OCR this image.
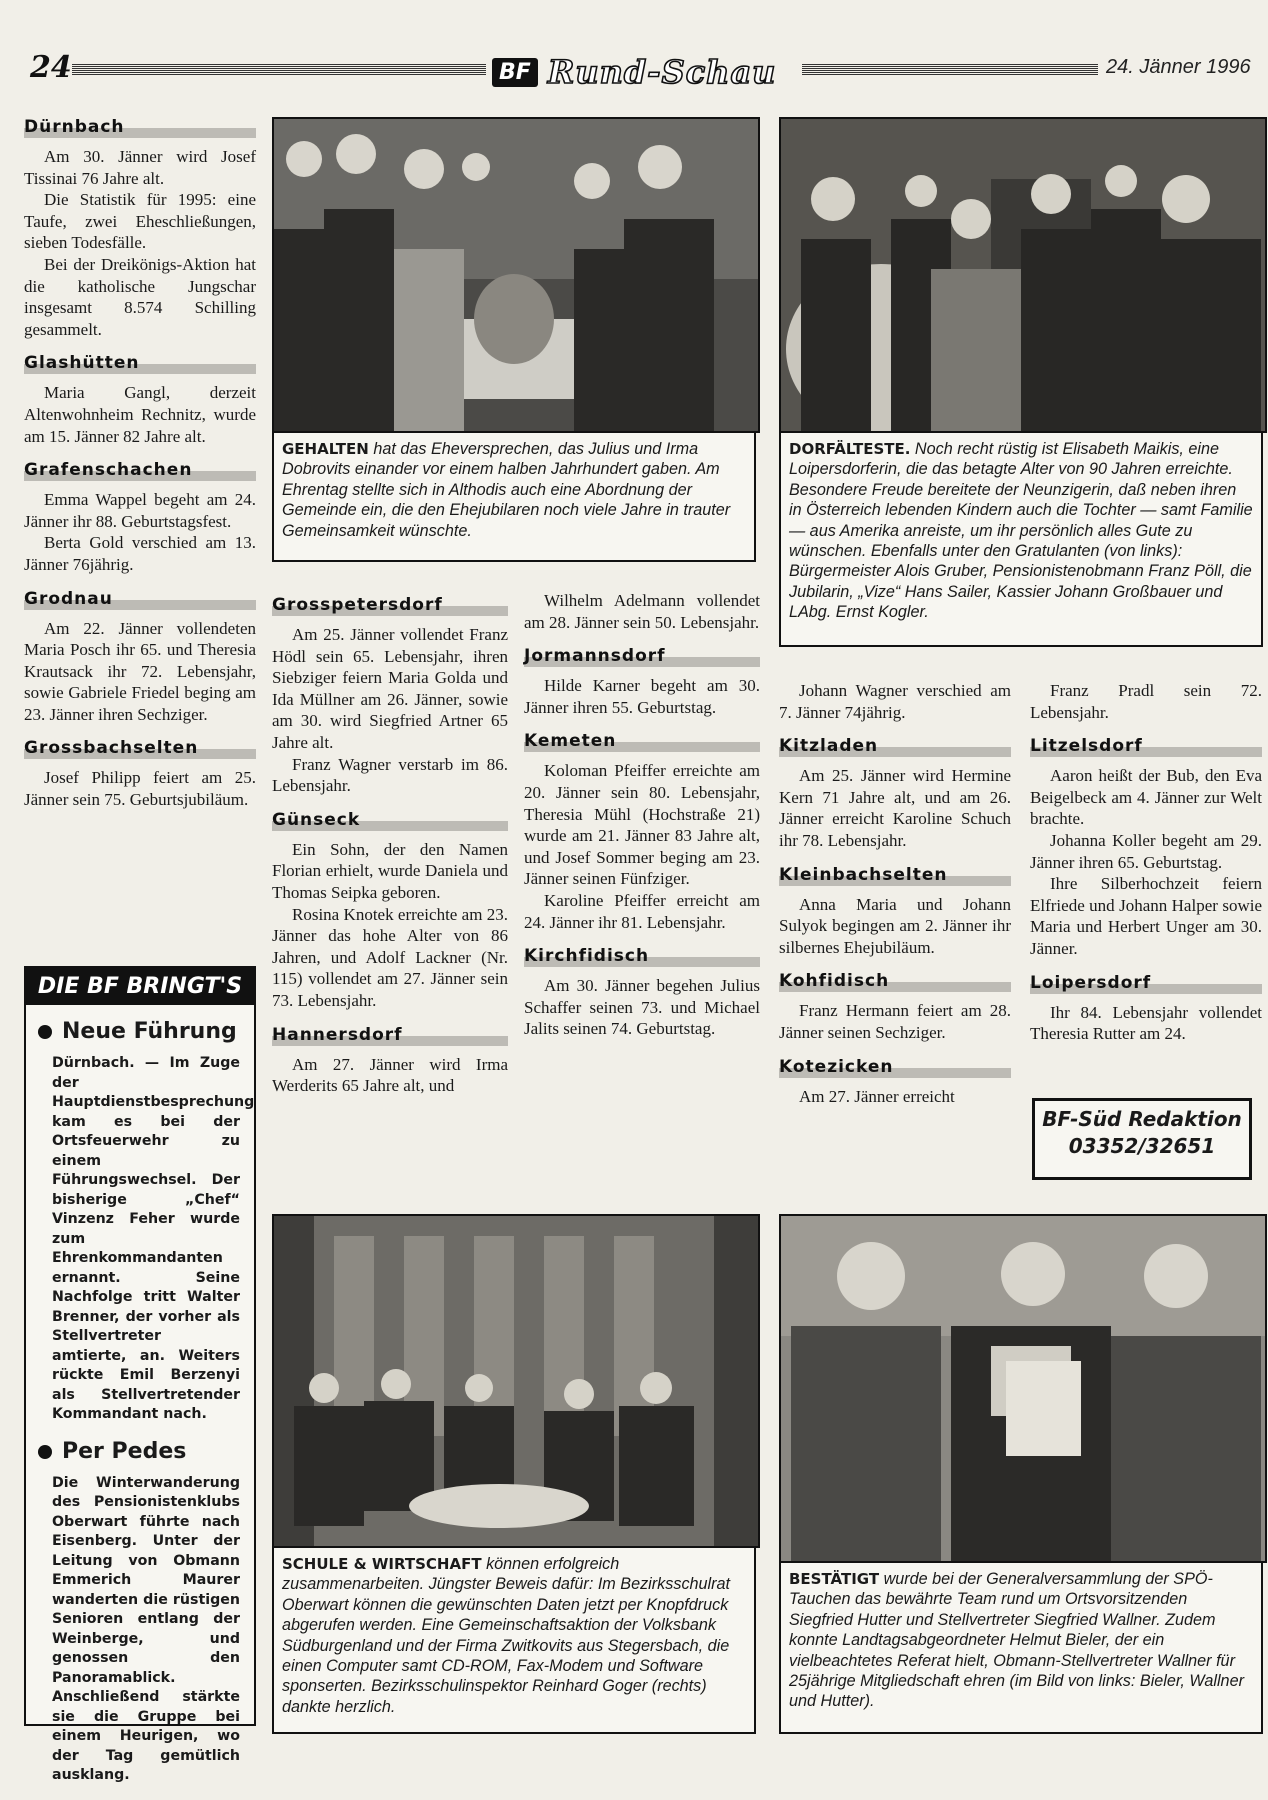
24	BF Rund-Schau	24. Jänner 1996
Dürnbach

Am 30. Jänner wird Josef Tissinai 76 Jahre alt.

Die Statistik für 1995: eine Taufe, zwei Eheschließungen, sieben Todesfälle.

Bei der Dreikönigs-Aktion hat die katholische Jungschar insgesamt 8.574 Schilling gesammelt.

Glashütten

Maria Gangl, derzeit Altenwohnheim Rechnitz, wurde am 15. Jänner 82 Jahre alt.

Grafenschachen

Emma Wappel begeht am 24. Jänner ihr 88. Geburtstagsfest.

Berta Gold verschied am 13. Jänner 76jährig.

Grodnau

Am 22. Jänner vollendeten Maria Posch ihr 65. und Theresia Krautsack ihr 72. Lebensjahr, sowie Gabriele Friedel beging am 23. Jänner ihren Sechziger.

Grossbachselten

Josef Philipp feiert am 25. Jänner sein 75. Geburtsjubiläum.

DIE BF BRINGT'S
Neue Führung
Dürnbach. — Im Zuge der Hauptdienstbesprechung kam es bei der Ortsfeuerwehr zu einem Führungswechsel. Der bisherige „Chef“ Vinzenz Feher wurde zum Ehrenkommandanten ernannt. Seine Nachfolge tritt Walter Brenner, der vorher als Stellvertreter amtierte, an. Weiters rückte Emil Berzenyi als Stellvertretender Kommandant nach.
Per Pedes
Die Winterwanderung des Pensionistenklubs Oberwart führte nach Eisenberg. Unter der Leitung von Obmann Emmerich Maurer wanderten die rüstigen Senioren entlang der Weinberge, und genossen den Panoramablick. Anschließend stärkte sie die Gruppe bei einem Heurigen, wo der Tag gemütlich ausklang.
GEHALTEN hat das Eheversprechen, das Julius und Irma Dobrovits einander vor einem halben Jahrhundert gaben. Am Ehrentag stellte sich in Althodis auch eine Abordnung der Gemeinde ein, die den Ehejubilaren noch viele Jahre in trauter Gemeinsamkeit wünschte.
DORFÄLTESTE. Noch recht rüstig ist Elisabeth Maikis, eine Loipersdorferin, die das betagte Alter von 90 Jahren erreichte. Besondere Freude bereitete der Neunzigerin, daß neben ihren in Österreich lebenden Kindern auch die Tochter — samt Familie — aus Amerika anreiste, um ihr persönlich alles Gute zu wünschen. Ebenfalls unter den Gratulanten (von links): Bürgermeister Alois Gruber, Pensionistenobmann Franz Pöll, die Jubilarin, „Vize“ Hans Sailer, Kassier Johann Großbauer und LAbg. Ernst Kogler.
Grosspetersdorf

Am 25. Jänner vollendet Franz Hödl sein 65. Lebensjahr, ihren Siebziger feiern Maria Golda und Ida Müllner am 26. Jänner, sowie am 30. wird Siegfried Artner 65 Jahre alt.

Franz Wagner verstarb im 86. Lebensjahr.

Günseck

Ein Sohn, der den Namen Florian erhielt, wurde Daniela und Thomas Seipka geboren.

Rosina Knotek erreichte am 23. Jänner das hohe Alter von 86 Jahren, und Adolf Lackner (Nr. 115) vollendet am 27. Jänner sein 73. Lebensjahr.

Hannersdorf

Am 27. Jänner wird Irma Werderits 65 Jahre alt, und

Wilhelm Adelmann vollendet am 28. Jänner sein 50. Lebensjahr.

Jormannsdorf

Hilde Karner begeht am 30. Jänner ihren 55. Geburtstag.

Kemeten

Koloman Pfeiffer erreichte am 20. Jänner sein 80. Lebensjahr, Theresia Mühl (Hochstraße 21) wurde am 21. Jänner 83 Jahre alt, und Josef Sommer beging am 23. Jänner seinen Fünfziger.

Karoline Pfeiffer erreicht am 24. Jänner ihr 81. Lebensjahr.

Kirchfidisch

Am 30. Jänner begehen Julius Schaffer seinen 73. und Michael Jalits seinen 74. Geburtstag.

Johann Wagner verschied am 7. Jänner 74jährig.

Kitzladen

Am 25. Jänner wird Hermine Kern 71 Jahre alt, und am 26. Jänner erreicht Karoline Schuch ihr 78. Lebensjahr.

Kleinbachselten

Anna Maria und Johann Sulyok begingen am 2. Jänner ihr silbernes Ehejubiläum.

Kohfidisch

Franz Hermann feiert am 28. Jänner seinen Sechziger.

Kotezicken

Am 27. Jänner erreicht

Franz Pradl sein 72. Lebensjahr.

Litzelsdorf

Aaron heißt der Bub, den Eva Beigelbeck am 4. Jänner zur Welt brachte.

Johanna Koller begeht am 29. Jänner ihren 65. Geburtstag.

Ihre Silberhochzeit feiern Elfriede und Johann Halper sowie Maria und Herbert Unger am 30. Jänner.

Loipersdorf

Ihr 84. Lebensjahr vollendet Theresia Rutter am 24.

BF-Süd Redaktion
03352/32651
SCHULE & WIRTSCHAFT können erfolgreich zusammenarbeiten. Jüngster Beweis dafür: Im Bezirksschulrat Oberwart können die gewünschten Daten jetzt per Knopfdruck abgerufen werden. Eine Gemeinschaftsaktion der Volksbank Südburgenland und der Firma Zwitkovits aus Stegersbach, die einen Computer samt CD-ROM, Fax-Modem und Software sponserten. Bezirksschulinspektor Reinhard Goger (rechts) dankte herzlich.
BESTÄTIGT wurde bei der Generalversammlung der SPÖ-Tauchen das bewährte Team rund um Ortsvorsitzenden Siegfried Hutter und Stellvertreter Siegfried Wallner. Zudem konnte Landtagsabgeordneter Helmut Bieler, der ein vielbeachtetes Referat hielt, Obmann-Stellvertreter Wallner für 25jährige Mitgliedschaft ehren (im Bild von links: Bieler, Wallner und Hutter).
